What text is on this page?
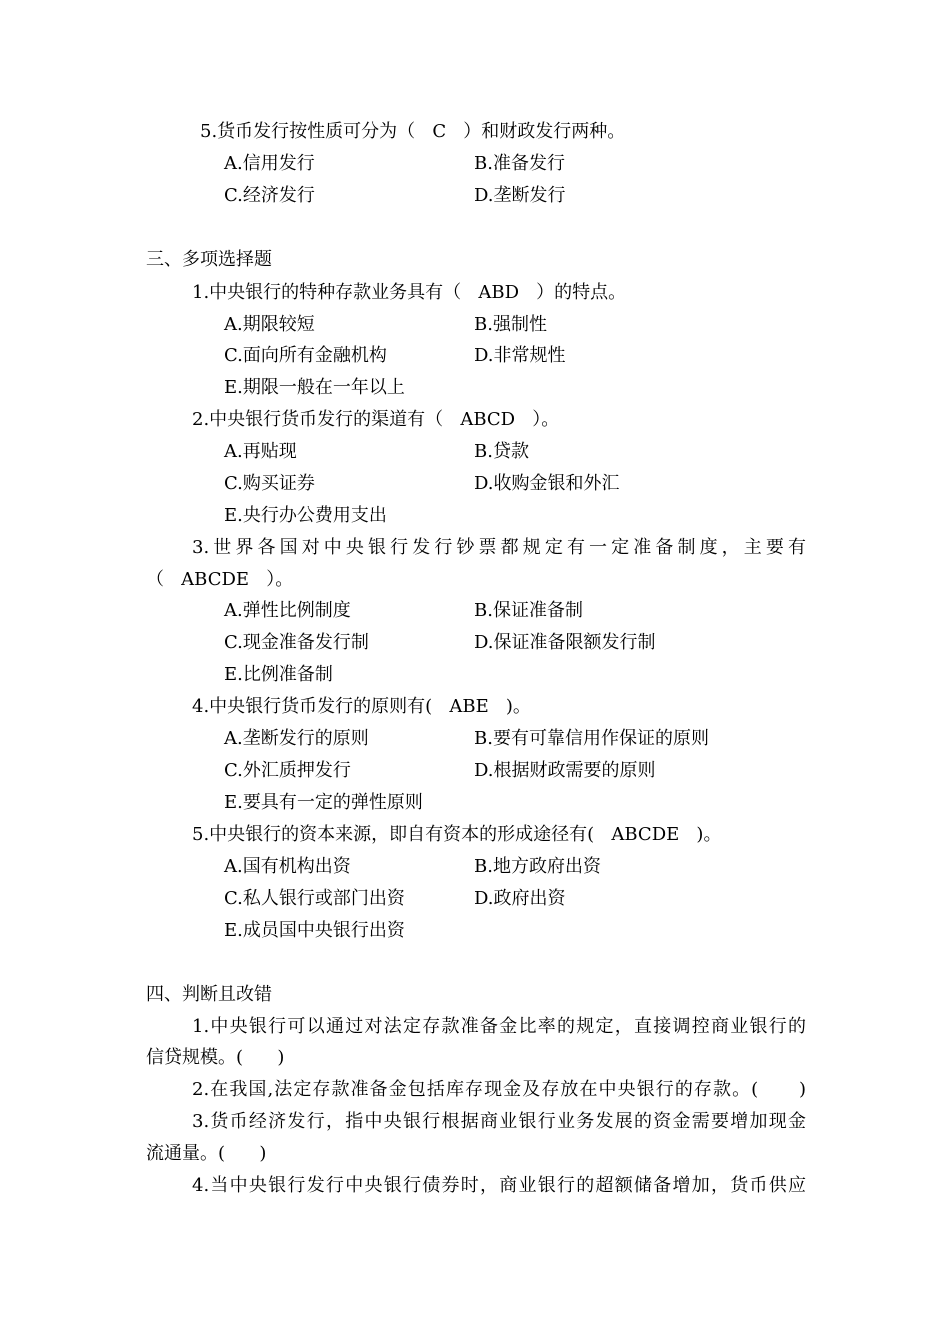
5.货币发行按性质可分为（   C   ）和财政发行两种。
A.信用发行	B.准备发行
C.经济发行	D.垄断发行
三、多项选择题
1.中央银行的特种存款业务具有（   ABD   ）的特点。
A.期限较短	B.强制性
C.面向所有金融机构	D.非常规性
E.期限一般在一年以上
2.中央银行货币发行的渠道有（   ABCD   ）。
A.再贴现	B.贷款
C.购买证券	D.收购金银和外汇
E.央行办公费用支出
3.世界各国对中央银行发行钞票都规定有一定准备制度，主要有
（   ABCDE   ）。
A.弹性比例制度	B.保证准备制
C.现金准备发行制	D.保证准备限额发行制
E.比例准备制
4.中央银行货币发行的原则有(   ABE   )。
A.垄断发行的原则	B.要有可靠信用作保证的原则
C.外汇质押发行	D.根据财政需要的原则
E.要具有一定的弹性原则
5.中央银行的资本来源，即自有资本的形成途径有(   ABCDE   )。
A.国有机构出资	B.地方政府出资
C.私人银行或部门出资	D.政府出资
E.成员国中央银行出资
四、判断且改错
1.中央银行可以通过对法定存款准备金比率的规定，直接调控商业银行的
信贷规模。(      )
2.在我国,法定存款准备金包括库存现金及存放在中央银行的存款。(      )
3.货币经济发行，指中央银行根据商业银行业务发展的资金需要增加现金
流通量。(      )
4.当中央银行发行中央银行债券时，商业银行的超额储备增加，货币供应
